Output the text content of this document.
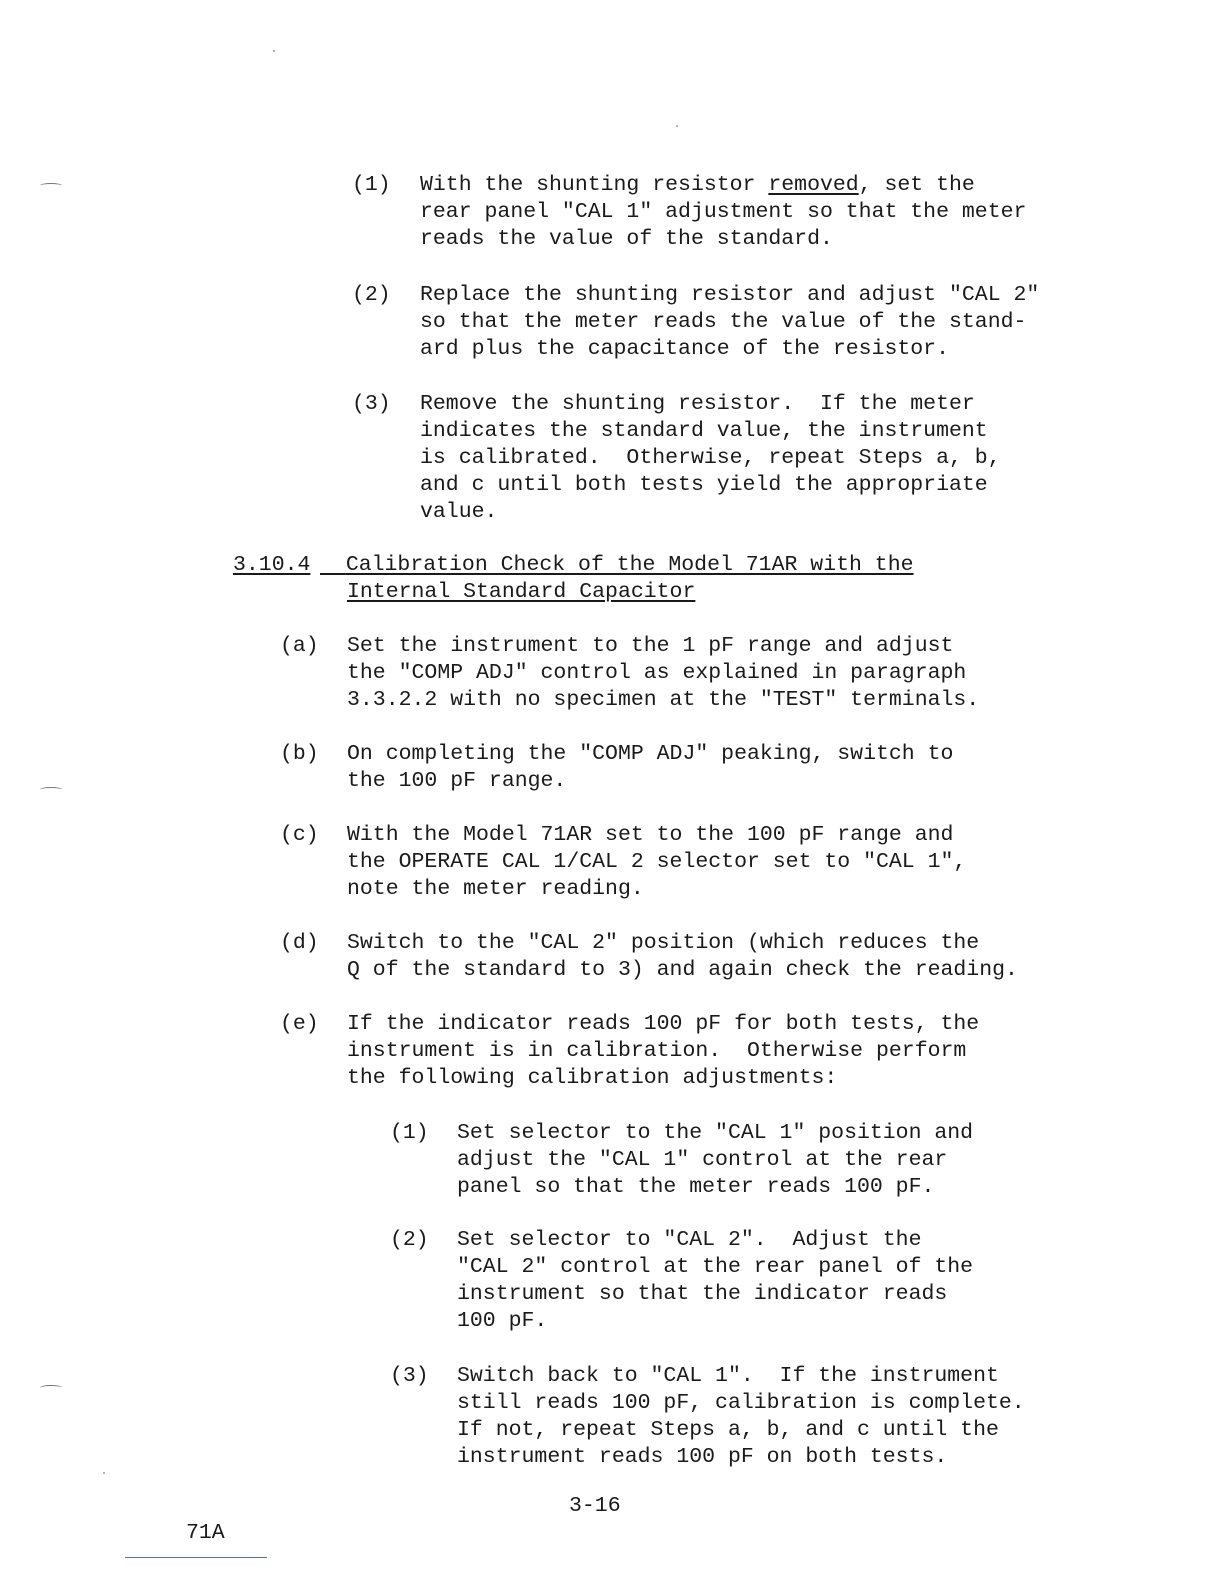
(1) With the shunting resistor removed, set the
rear panel "CAL 1" adjustment so that the meter
reads the value of the standard.
(2) Replace the shunting resistor and adjust "CAL 2"
so that the meter reads the value of the stand-
ard plus the capacitance of the resistor.
(3) Remove the shunting resistor.  If the meter
indicates the standard value, the instrument
is calibrated.  Otherwise, repeat Steps a, b,
and c until both tests yield the appropriate
value.
3.10.4	Calibration Check of the Model 71AR with the
Internal Standard Capacitor
(a) Set the instrument to the 1 pF range and adjust
the "COMP ADJ" control as explained in paragraph
3.3.2.2 with no specimen at the "TEST" terminals.
(b) On completing the "COMP ADJ" peaking, switch to
the 100 pF range.
(c) With the Model 71AR set to the 100 pF range and
the OPERATE CAL 1/CAL 2 selector set to "CAL 1",
note the meter reading.
(d) Switch to the "CAL 2" position (which reduces the
Q of the standard to 3) and again check the reading.
(e) If the indicator reads 100 pF for both tests, the
instrument is in calibration.  Otherwise perform
the following calibration adjustments:
(1) Set selector to the "CAL 1" position and
adjust the "CAL 1" control at the rear
panel so that the meter reads 100 pF.
(2) Set selector to "CAL 2".  Adjust the
"CAL 2" control at the rear panel of the
instrument so that the indicator reads
100 pF.
(3) Switch back to "CAL 1".  If the instrument
still reads 100 pF, calibration is complete.
If not, repeat Steps a, b, and c until the
instrument reads 100 pF on both tests.
3-16
71A
